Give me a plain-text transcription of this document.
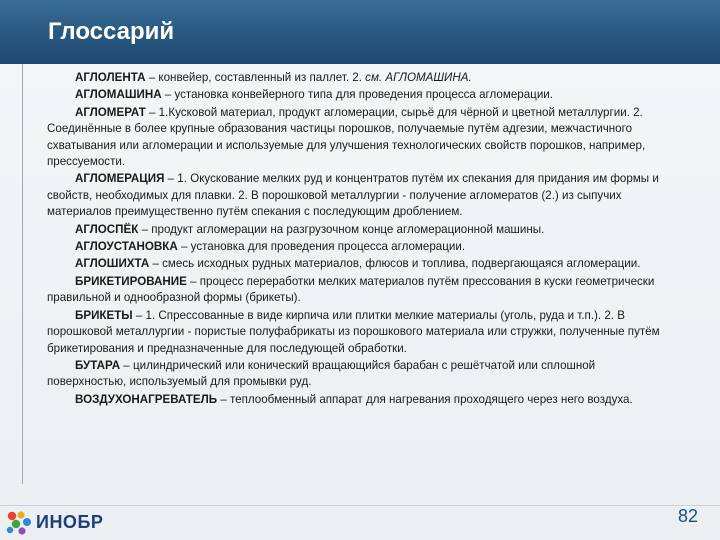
Глоссарий

АГЛОЛЕНТА – конвейер, составленный из паллет. 2. см. АГЛОМАШИНА.

АГЛОМАШИНА – установка конвейерного типа для проведения процесса агломерации.

АГЛОМЕРАТ – 1.Кусковой материал, продукт агломерации, сырьё для чёрной и цветной металлургии. 2. Соединённые в более крупные образования частицы порошков, получаемые путём адгезии, межчастичного схватывания или агломерации и используемые для улучшения технологических свойств порошков, например, прессуемости.

АГЛОМЕРАЦИЯ – 1. Окускование мелких руд и концентратов путём их спекания для придания им формы и свойств, необходимых для плавки. 2. В порошковой металлургии - получение агломератов (2.) из сыпучих материалов преимущественно путём спекания с последующим дроблением.

АГЛОСПЁК – продукт агломерации на разгрузочном конце агломерационной машины.

АГЛОУСТАНОВКА – установка для проведения процесса агломерации.

АГЛОШИХТА – смесь исходных рудных материалов, флюсов и топлива, подвергающаяся агломерации.

БРИКЕТИРОВАНИЕ – процесс переработки мелких материалов путём прессования в куски геометрически правильной и однообразной формы (брикеты).

БРИКЕТЫ – 1. Спрессованные в виде кирпича или плитки мелкие материалы (уголь, руда и т.п.). 2. В порошковой металлургии - пористые полуфабрикаты из порошкового материала или стружки, полученные путём брикетирования и предназначенные для последующей обработки.

БУТАРА – цилиндрический или конический вращающийся барабан с решётчатой или сплошной поверхностью, используемый для промывки руд.

ВОЗДУХОНАГРЕВАТЕЛЬ – теплообменный аппарат для нагревания проходящего через него воздуха.

ИНОБР	82
